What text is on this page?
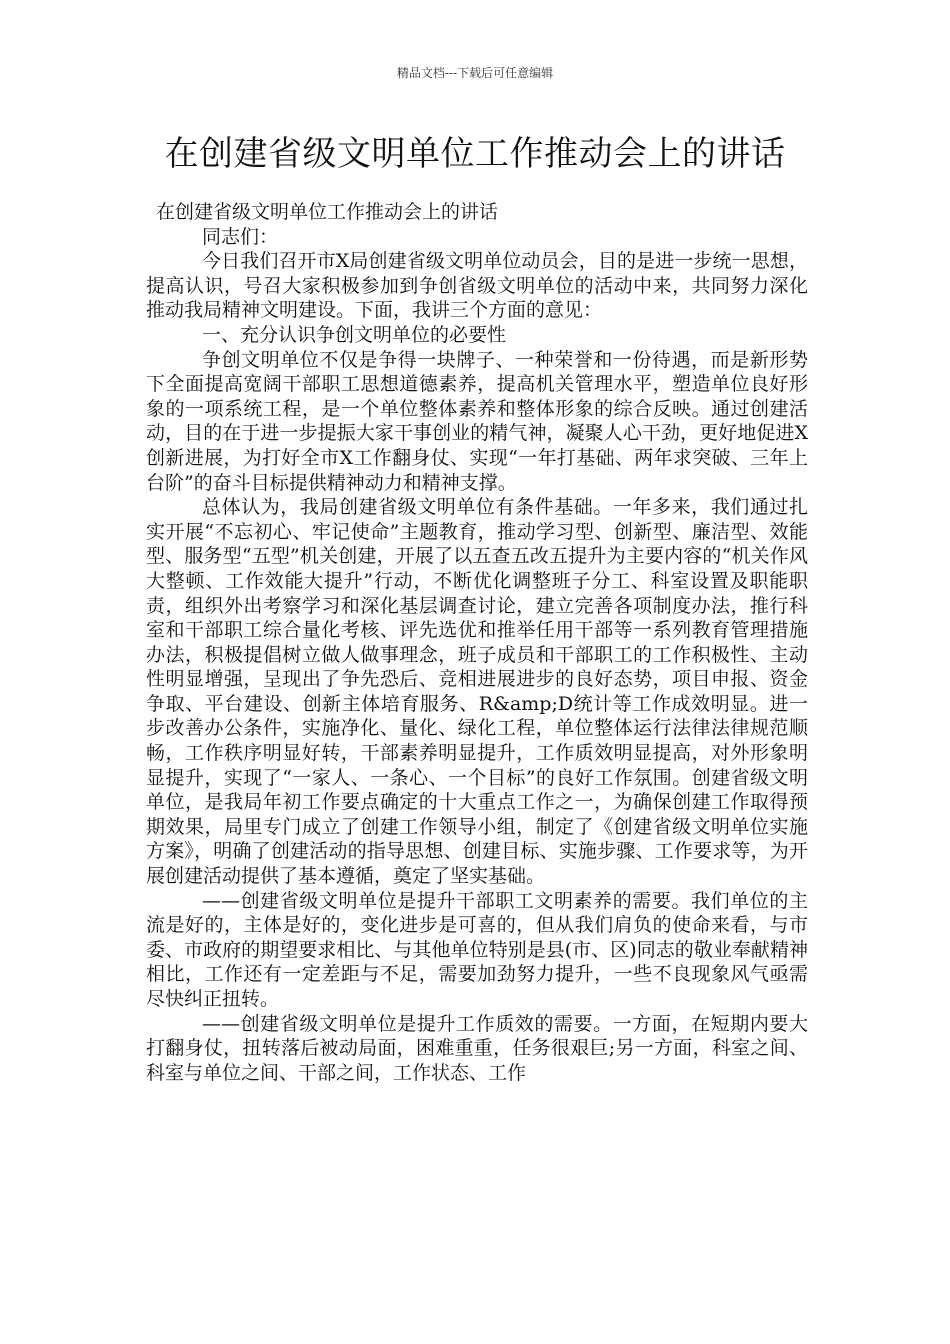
精品文档---下载后可任意编辑
在创建省级文明单位工作推动会上的讲话

在创建省级文明单位工作推动会上的讲话

同志们：

今日我们召开市X局创建省级文明单位动员会，目的是进一步统一思想，提高认识，号召大家积极参加到争创省级文明单位的活动中来，共同努力深化推动我局精神文明建设。下面，我讲三个方面的意见：

一、充分认识争创文明单位的必要性

争创文明单位不仅是争得一块牌子、一种荣誉和一份待遇，而是新形势下全面提高宽阔干部职工思想道德素养，提高机关管理水平，塑造单位良好形象的一项系统工程，是一个单位整体素养和整体形象的综合反映。通过创建活动，目的在于进一步提振大家干事创业的精气神，凝聚人心干劲，更好地促进X创新进展，为打好全市X工作翻身仗、实现“一年打基础、两年求突破、三年上台阶”的奋斗目标提供精神动力和精神支撑。

总体认为，我局创建省级文明单位有条件基础。一年多来，我们通过扎实开展“不忘初心、牢记使命”主题教育，推动学习型、创新型、廉洁型、效能型、服务型“五型”机关创建，开展了以五查五改五提升为主要内容的“机关作风大整顿、工作效能大提升”行动，不断优化调整班子分工、科室设置及职能职责，组织外出考察学习和深化基层调查讨论，建立完善各项制度办法，推行科室和干部职工综合量化考核、评先选优和推举任用干部等一系列教育管理措施办法，积极提倡树立做人做事理念，班子成员和干部职工的工作积极性、主动性明显增强，呈现出了争先恐后、竞相进展进步的良好态势，项目申报、资金争取、平台建设、创新主体培育服务、R&amp;D统计等工作成效明显。进一步改善办公条件，实施净化、量化、绿化工程，单位整体运行法律法律规范顺畅，工作秩序明显好转，干部素养明显提升，工作质效明显提高，对外形象明显提升，实现了“一家人、一条心、一个目标”的良好工作氛围。创建省级文明单位，是我局年初工作要点确定的十大重点工作之一，为确保创建工作取得预期效果，局里专门成立了创建工作领导小组，制定了《创建省级文明单位实施方案》，明确了创建活动的指导思想、创建目标、实施步骤、工作要求等，为开展创建活动提供了基本遵循，奠定了坚实基础。

——创建省级文明单位是提升干部职工文明素养的需要。我们单位的主流是好的，主体是好的，变化进步是可喜的，但从我们肩负的使命来看，与市委、市政府的期望要求相比、与其他单位特别是县(市、区)同志的敬业奉献精神相比，工作还有一定差距与不足，需要加劲努力提升，一些不良现象风气亟需尽快纠正扭转。

——创建省级文明单位是提升工作质效的需要。一方面，在短期内要大打翻身仗，扭转落后被动局面，困难重重，任务很艰巨;另一方面，科室之间、科室与单位之间、干部之间，工作状态、工作
